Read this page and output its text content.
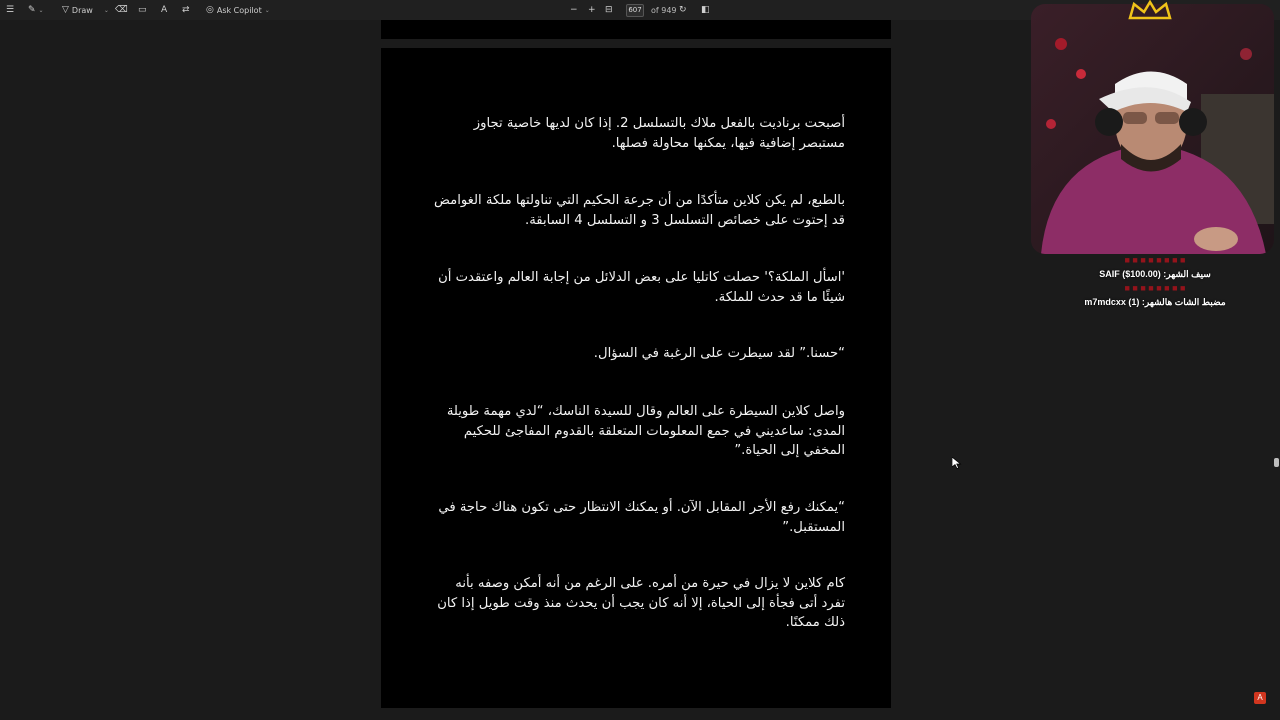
☰ ✎ ⌄ ▽ Draw ⌄ ⌫ ▭ A ⇄ ◎ Ask Copilot ⌄	− + ⊟	607 of 949 ↻ ◧
أصبحت برناديت بالفعل ملاك بالتسلسل 2. إذا كان لديها خاصية تجاوز مستبصر إضافية فيها، يمكنها محاولة فصلها.
بالطبع، لم يكن كلاين متأكدًا من أن جرعة الحكيم التي تناولتها ملكة الغوامض قد إحتوت على خصائص التسلسل 3 و التسلسل 4 السابقة.
'اسأل الملكة؟' حصلت كاتليا على بعض الدلائل من إجابة العالم واعتقدت أن شيئًا ما قد حدث للملكة.
“حسنا.” لقد سيطرت على الرغبة في السؤال.
واصل كلاين السيطرة على العالم وقال للسيدة الناسك، “لدي مهمة طويلة المدى: ساعديني في جمع المعلومات المتعلقة بالقدوم المفاجئ للحكيم المخفي إلى الحياة.”
“يمكنك رفع الأجر المقابل الآن. أو يمكنك الانتظار حتى تكون هناك حاجة في المستقبل.”
كام كلاين لا يزال في حيرة من أمره. على الرغم من أنه أمكن وصفه بأنه تفرد أتى فجأة إلى الحياة، إلا أنه كان يجب أن يحدث منذ وقت طويل إذا كان ذلك ممكنًا.
■ ■ ■ ■ ■ ■ ■ ■
سيف الشهر: SAIF ($100.00)
■ ■ ■ ■ ■ ■ ■ ■
مضبط الشات هالشهر: m7mdcxx (1)
A
